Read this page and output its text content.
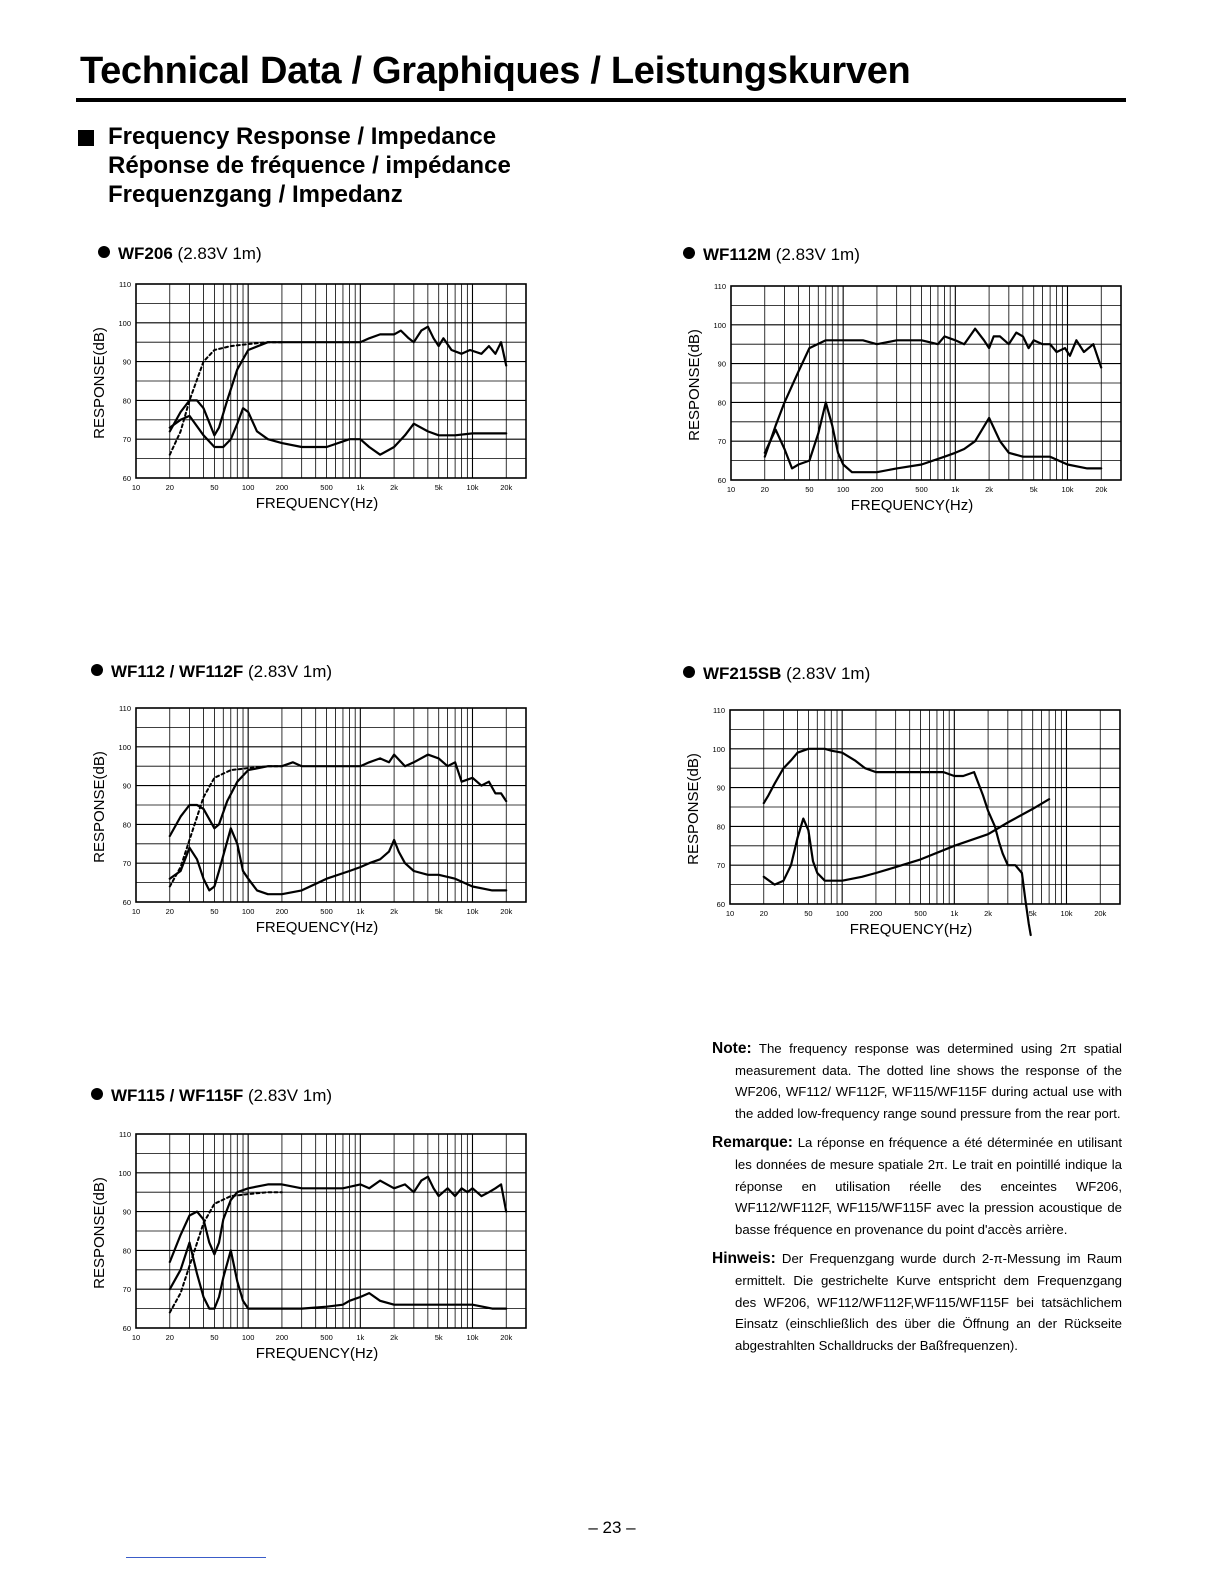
Technical Data / Graphiques / Leistungskurven
Frequency Response / Impedance
Réponse de fréquence / impédance
Frequenzgang / Impedanz
WF206 (2.83V 1m)	WF112M (2.83V 1m)
WF112 / WF112F (2.83V 1m)	WF215SB (2.83V 1m)
WF115 / WF115F (2.83V 1m)
60
70
80
90
100
110
10	20	50	100	200	500	1k	2k	5k	10k	20k
FREQUENCY(Hz)
RESPONSE(dB)
60
70
80
90
100
110
10	20	50	100	200	500	1k	2k	5k	10k	20k
FREQUENCY(Hz)
RESPONSE(dB)
60
70
80
90
100
110
10	20	50	100	200	500	1k	2k	5k	10k	20k
FREQUENCY(Hz)
RESPONSE(dB)
60
70
80
90
100
110
10	20	50	100	200	500	1k	2k	5k	10k	20k
FREQUENCY(Hz)
RESPONSE(dB)
60
70
80
90
100
110
10	20	50	100	200	500	1k	2k	5k	10k	20k
FREQUENCY(Hz)
RESPONSE(dB)
Note: The frequency response was determined using 2π spatial measurement data. The dotted line shows the response of the WF206, WF112/ WF112F, WF115/WF115F during actual use with the added low-frequency range sound pressure from the rear port.
Remarque: La réponse en fréquence a été déterminée en utilisant les données de mesure spatiale 2π. Le trait en pointillé indique la réponse en utilisation réelle des enceintes WF206, WF112/WF112F, WF115/WF115F avec la pression acoustique de basse fréquence en provenance du point d'accès arrière.
Hinweis: Der Frequenzgang wurde durch 2-π-Messung im Raum ermittelt. Die gestrichelte Kurve entspricht dem Frequenzgang des WF206, WF112/WF112F,WF115/WF115F bei tatsächlichem Einsatz (einschließlich des über die Öffnung an der Rückseite abgestrahlten Schalldrucks der Baßfrequenzen).
– 23 –
